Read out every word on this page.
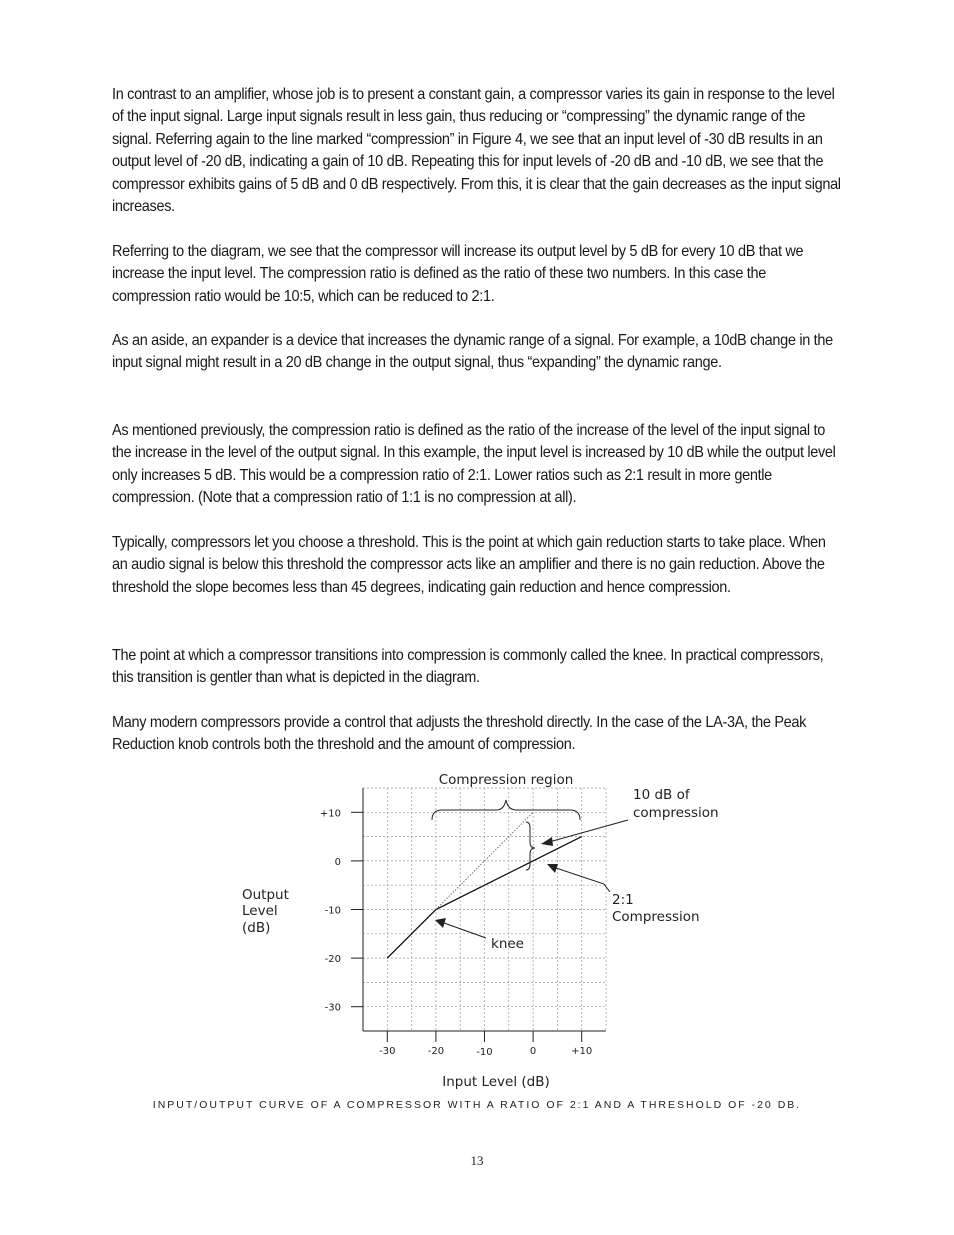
In contrast to an amplifier, whose job is to present a constant gain, a compressor varies its gain in response to the level of the input signal. Large input signals result in less gain, thus reducing or “compressing” the dynamic range of the signal. Referring again to the line marked “compression” in Figure 4, we see that an input level of -30 dB results in an output level of -20 dB, indicating a gain of 10 dB. Repeating this for input levels of -20 dB and -10 dB, we see that the compressor exhibits gains of 5 dB and 0 dB respectively. From this, it is clear that the gain decreases as the input signal increases.

Referring to the diagram, we see that the compressor will increase its output level by 5 dB for every 10 dB that we increase the input level. The compression ratio is defined as the ratio of these two numbers. In this case the compression ratio would be 10:5, which can be reduced to 2:1.

As an aside, an expander is a device that increases the dynamic range of a signal. For example, a 10dB change in the input signal might result in a 20 dB change in the output signal, thus “expanding” the dynamic range.

As mentioned previously, the compression ratio is defined as the ratio of the increase of the level of the input signal to the increase in the level of the output signal. In this example, the input level is increased by 10 dB while the output level only increases 5 dB. This would be a compression ratio of 2:1. Lower ratios such as 2:1 result in more gentle compression. (Note that a compression ratio of 1:1 is no compression at all).

Typically, compressors let you choose a threshold. This is the point at which gain reduction starts to take place. When an audio signal is below this threshold the compressor acts like an amplifier and there is no gain reduction. Above the threshold the slope becomes less than 45 degrees, indicating gain reduction and hence compression.

The point at which a compressor transitions into compression is commonly called the knee. In practical compressors, this transition is gentler than what is depicted in the diagram.

Many modern compressors provide a control that adjusts the threshold directly. In the case of the LA-3A, the Peak Reduction knob controls both the threshold and the amount of compression.

-30
-20
-10
0
+10
-30	-20	-10	0	+10
Compression region
10 dB of
compression
2:1
Compression
knee
Output
Level
(dB)
Input Level (dB)
INPUT/OUTPUT CURVE OF A COMPRESSOR WITH A RATIO OF 2:1 AND A THRESHOLD OF -20 DB.
13
